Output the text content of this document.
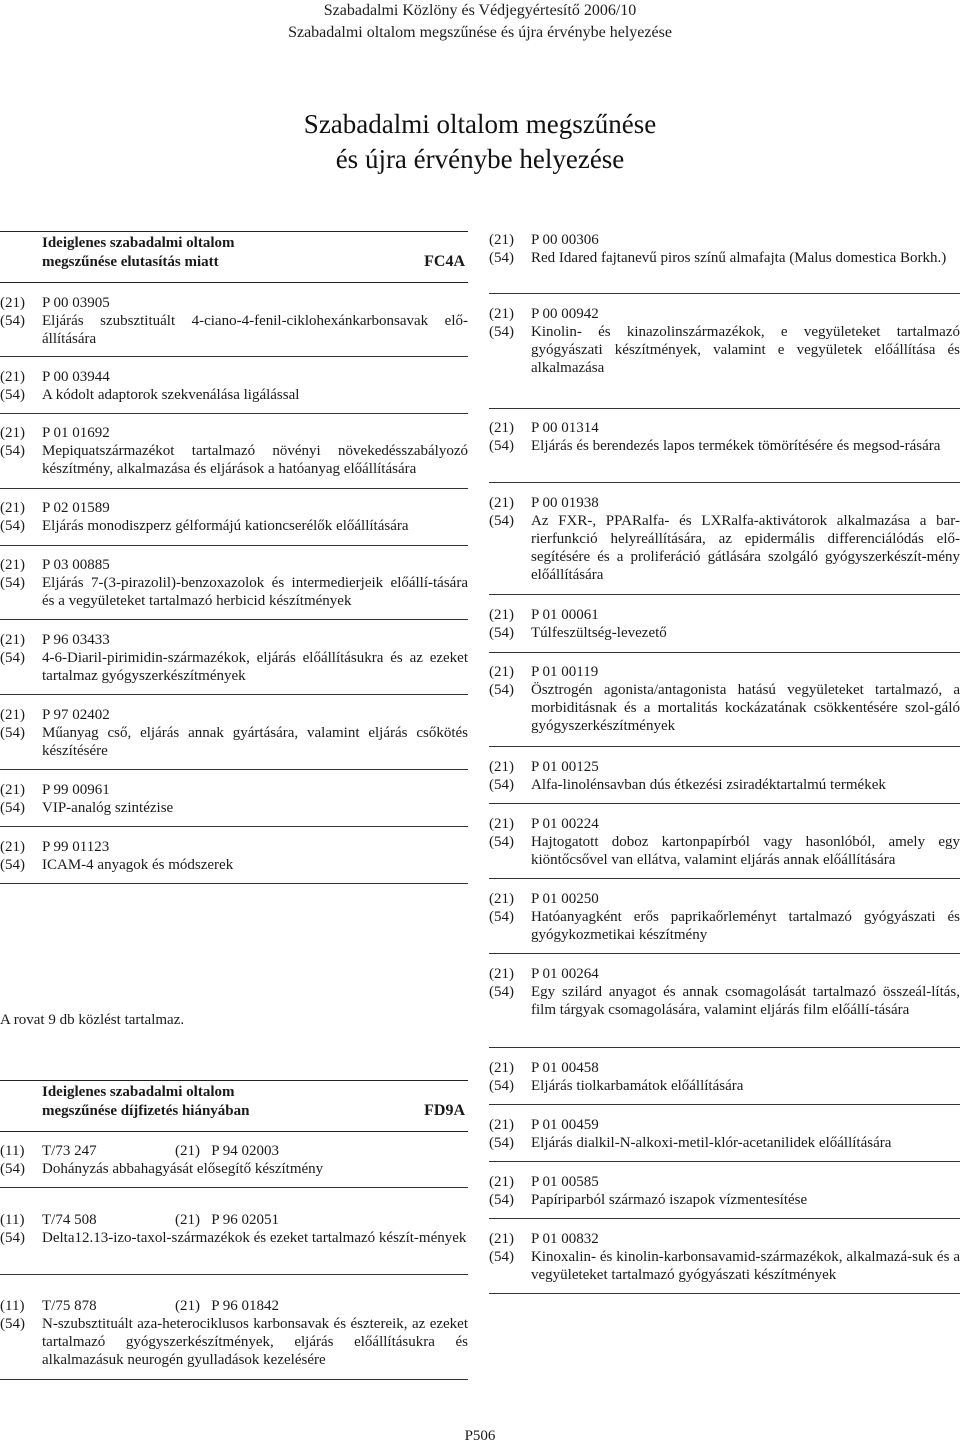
Szabadalmi Közlöny és Védjegyértesítő 2006/10
Szabadalmi oltalom megszűnése és újra érvénybe helyezése
Szabadalmi oltalom megszűnése
és újra érvénybe helyezése
Ideiglenes szabadalmi oltalom
megszűnése elutasítás miatt	FC4A
(21) P 00 03905
(54) Eljárás szubsztituált 4-ciano-4-fenil-ciklohexánkarbonsavak elő-állítására
(21) P 00 03944
(54) A kódolt adaptorok szekvenálása ligálással
(21) P 01 01692
(54) Mepiquatszármazékot tartalmazó növényi növekedésszabályozó készítmény, alkalmazása és eljárások a hatóanyag előállítására
(21) P 02 01589
(54) Eljárás monodiszperz gélformájú kationcserélők előállítására
(21) P 03 00885
(54) Eljárás 7-(3-pirazolil)-benzoxazolok és intermedierjeik előállí-tására és a vegyületeket tartalmazó herbicid készítmények
(21) P 96 03433
(54) 4-6-Diaril-pirimidin-származékok, eljárás előállításukra és az ezeket tartalmaz gyógyszerkészítmények
(21) P 97 02402
(54) Műanyag cső, eljárás annak gyártására, valamint eljárás csőkötés készítésére
(21) P 99 00961
(54) VIP-analóg szintézise
(21) P 99 01123
(54) ICAM-4 anyagok és módszerek
A rovat 9 db közlést tartalmaz.
Ideiglenes szabadalmi oltalom
megszűnése díjfizetés hiányában	FD9A
(11) T/73 247	(21) P 94 02003
(54) Dohányzás abbahagyását elősegítő készítmény
(11) T/74 508	(21) P 96 02051
(54) Delta12.13-izo-taxol-származékok és ezeket tartalmazó készít-mények
(11) T/75 878	(21) P 96 01842
(54) N-szubsztituált aza-heterociklusos karbonsavak és észtereik, az ezeket tartalmazó gyógyszerkészítmények, eljárás előállításukra és alkalmazásuk neurogén gyulladások kezelésére
(21) P 00 00306
(54) Red Idared fajtanevű piros színű almafajta (Malus domestica Borkh.)
(21) P 00 00942
(54) Kinolin- és kinazolinszármazékok, e vegyületeket tartalmazó gyógyászati készítmények, valamint e vegyületek előállítása és alkalmazása
(21) P 00 01314
(54) Eljárás és berendezés lapos termékek tömörítésére és megsod-rására
(21) P 00 01938
(54) Az FXR-, PPARalfa- és LXRalfa-aktivátorok alkalmazása a bar-rierfunkció helyreállítására, az epidermális differenciálódás elő-segítésére és a proliferáció gátlására szolgáló gyógyszerkészít-mény előállítására
(21) P 01 00061
(54) Túlfeszültség-levezető
(21) P 01 00119
(54) Ösztrogén agonista/antagonista hatású vegyületeket tartalmazó, a morbiditásnak és a mortalitás kockázatának csökkentésére szol-gáló gyógyszerkészítmények
(21) P 01 00125
(54) Alfa-linolénsavban dús étkezési zsiradéktartalmú termékek
(21) P 01 00224
(54) Hajtogatott doboz kartonpapírból vagy hasonlóból, amely egy kiöntőcsővel van ellátva, valamint eljárás annak előállítására
(21) P 01 00250
(54) Hatóanyagként erős paprikaőrleményt tartalmazó gyógyászati és gyógykozmetikai készítmény
(21) P 01 00264
(54) Egy szilárd anyagot és annak csomagolását tartalmazó összeál-lítás, film tárgyak csomagolására, valamint eljárás film előállí-tására
(21) P 01 00458
(54) Eljárás tiolkarbamátok előállítására
(21) P 01 00459
(54) Eljárás dialkil-N-alkoxi-metil-klór-acetanilidek előállítására
(21) P 01 00585
(54) Papíriparból származó iszapok vízmentesítése
(21) P 01 00832
(54) Kinoxalin- és kinolin-karbonsavamid-származékok, alkalmazá-suk és a vegyületeket tartalmazó gyógyászati készítmények
P506
